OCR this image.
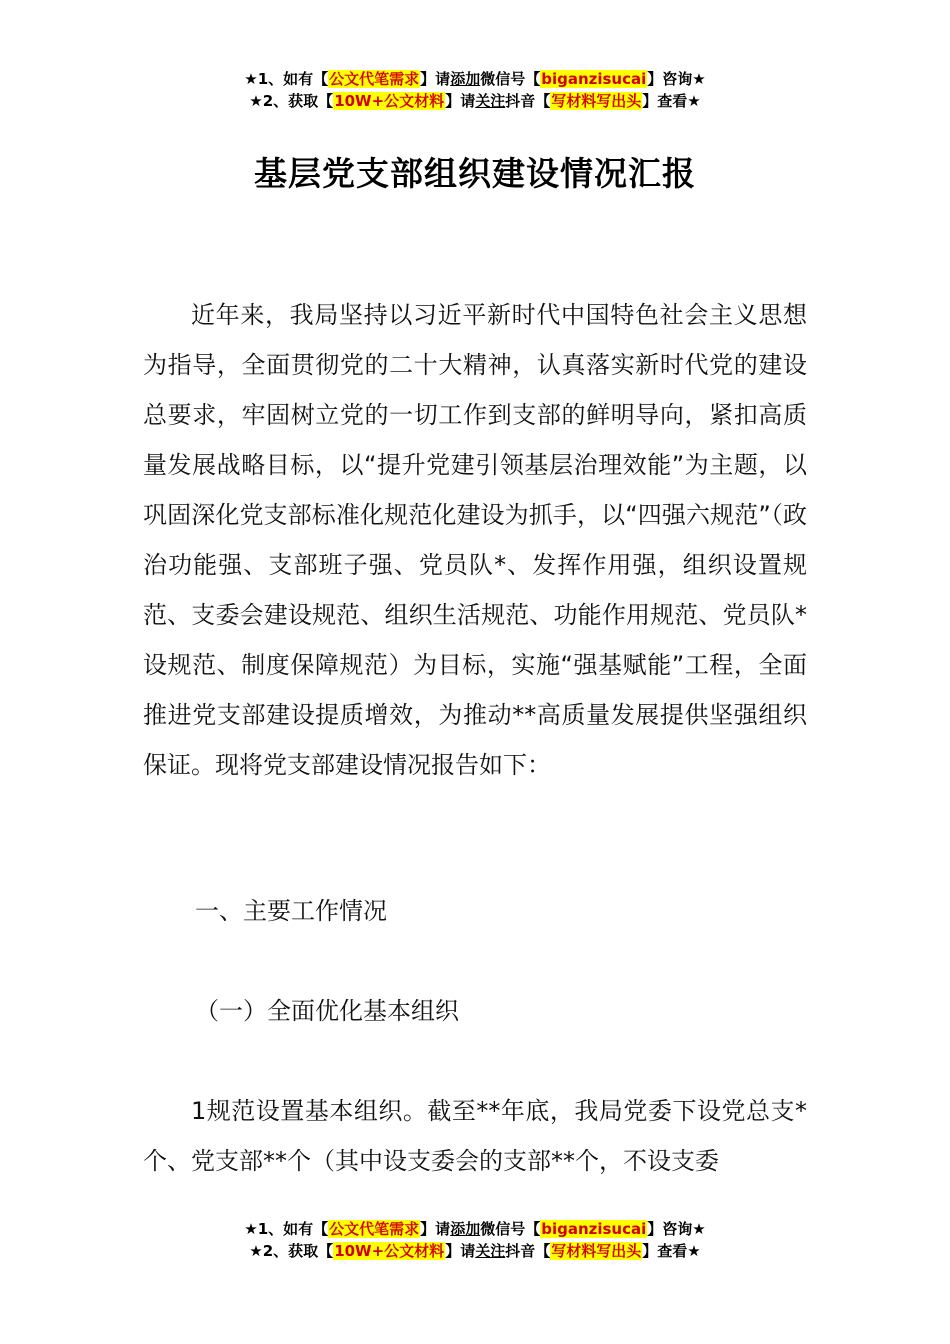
★1、如有【公文代笔需求】请添加微信号【biganzisucai】咨询★
★2、获取【10W+公文材料】请关注抖音【写材料写出头】查看★
基层党支部组织建设情况汇报

近年来，我局坚持以习近平新时代中国特色社会主义思想为指导，全面贯彻党的二十大精神，认真落实新时代党的建设总要求，牢固树立党的一切工作到支部的鲜明导向，紧扣高质量发展战略目标，以“提升党建引领基层治理效能”为主题，以巩固深化党支部标准化规范化建设为抓手，以“四强六规范”（政治功能强、支部班子强、党员队*、发挥作用强，组织设置规范、支委会建设规范、组织生活规范、功能作用规范、党员队*设规范、制度保障规范）为目标，实施“强基赋能”工程，全面推进党支部建设提质增效，为推动**高质量发展提供坚强组织保证。现将党支部建设情况报告如下：

一、主要工作情况

（一）全面优化基本组织

1规范设置基本组织。截至**年底，我局党委下设党总支*个、党支部**个（其中设支委会的支部**个，不设支委

★1、如有【公文代笔需求】请添加微信号【biganzisucai】咨询★
★2、获取【10W+公文材料】请关注抖音【写材料写出头】查看★
